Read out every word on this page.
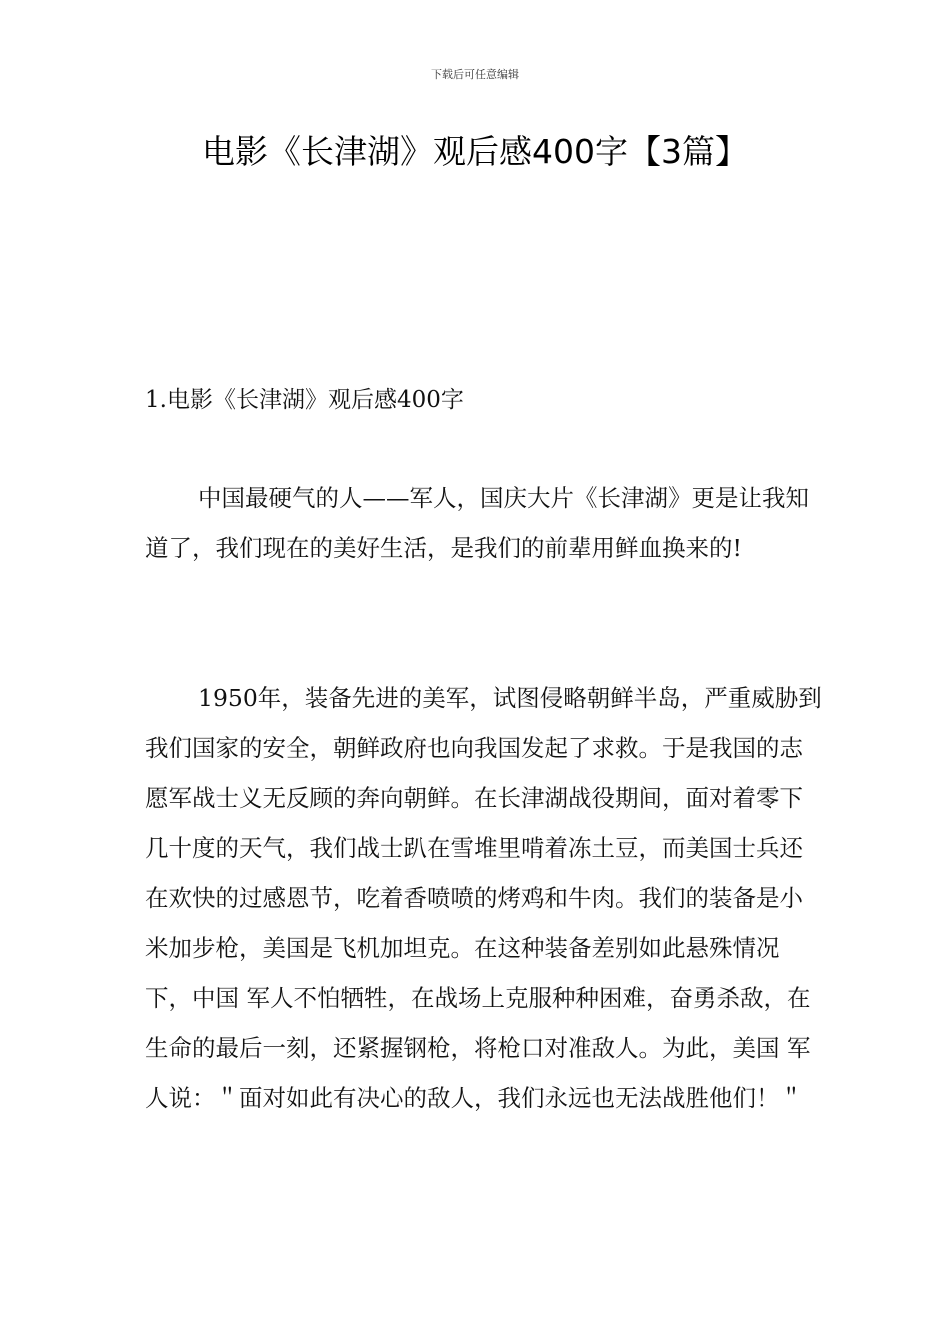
下载后可任意编辑
电影《长津湖》观后感400字【3篇】

1.电影《长津湖》观后感400字

中国最硬气的人——军人，国庆大片《长津湖》更是让我知道了，我们现在的美好生活，是我们的前辈用鲜血换来的!

1950年，装备先进的美军，试图侵略朝鲜半岛，严重威胁到我们国家的安全，朝鲜政府也向我国发起了求救。于是我国的志愿军战士义无反顾的奔向朝鲜。在长津湖战役期间，面对着零下几十度的天气，我们战士趴在雪堆里啃着冻土豆，而美国士兵还在欢快的过感恩节，吃着香喷喷的烤鸡和牛肉。我们的装备是小米加步枪，美国是飞机加坦克。在这种装备差别如此悬殊情况下，中国 军人不怕牺牲，在战场上克服种种困难，奋勇杀敌，在生命的最后一刻，还紧握钢枪，将枪口对准敌人。为此，美国 军人说：＂面对如此有决心的敌人，我们永远也无法战胜他们！＂
